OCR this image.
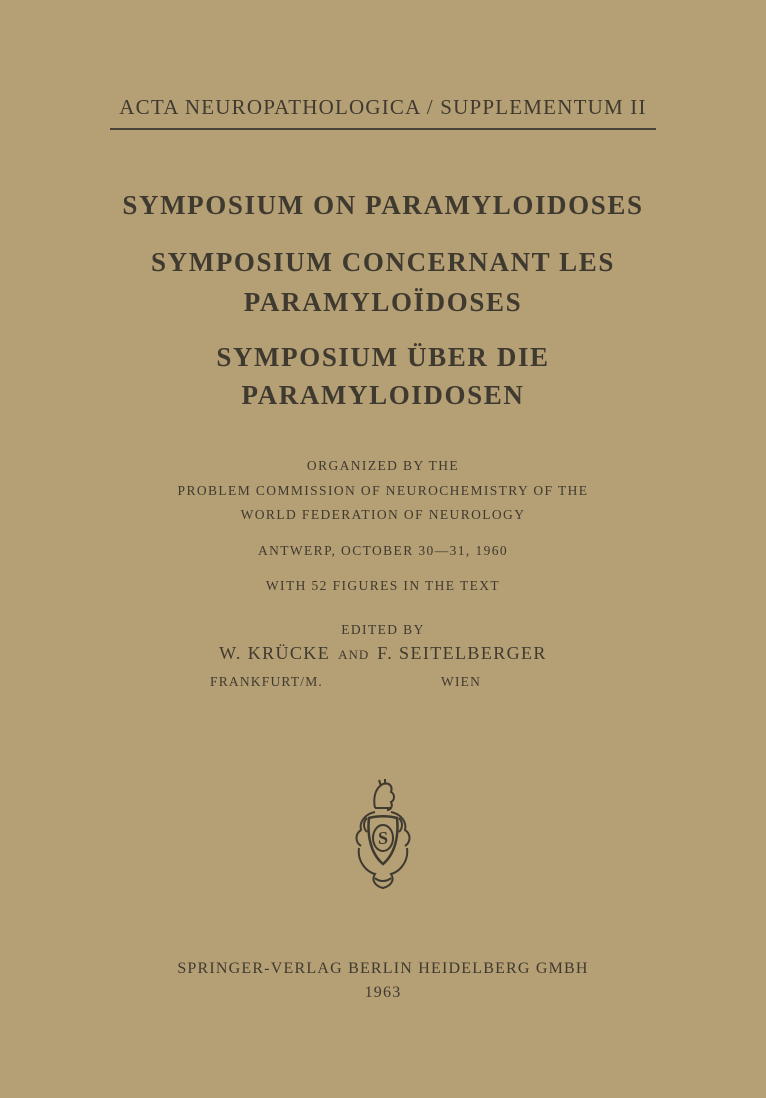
ACTA NEUROPATHOLOGICA / SUPPLEMENTUM II
SYMPOSIUM ON PARAMYLOIDOSES
SYMPOSIUM CONCERNANT LES
PARAMYLOÏDOSES
SYMPOSIUM ÜBER DIE
PARAMYLOIDOSEN
ORGANIZED BY THE
PROBLEM COMMISSION OF NEUROCHEMISTRY OF THE
WORLD FEDERATION OF NEUROLOGY
ANTWERP, OCTOBER 30—31, 1960
WITH 52 FIGURES IN THE TEXT
EDITED BY
W. KRÜCKE AND F. SEITELBERGER
FRANKFURT/M.	WIEN
S
SPRINGER-VERLAG BERLIN HEIDELBERG GMBH
1963
